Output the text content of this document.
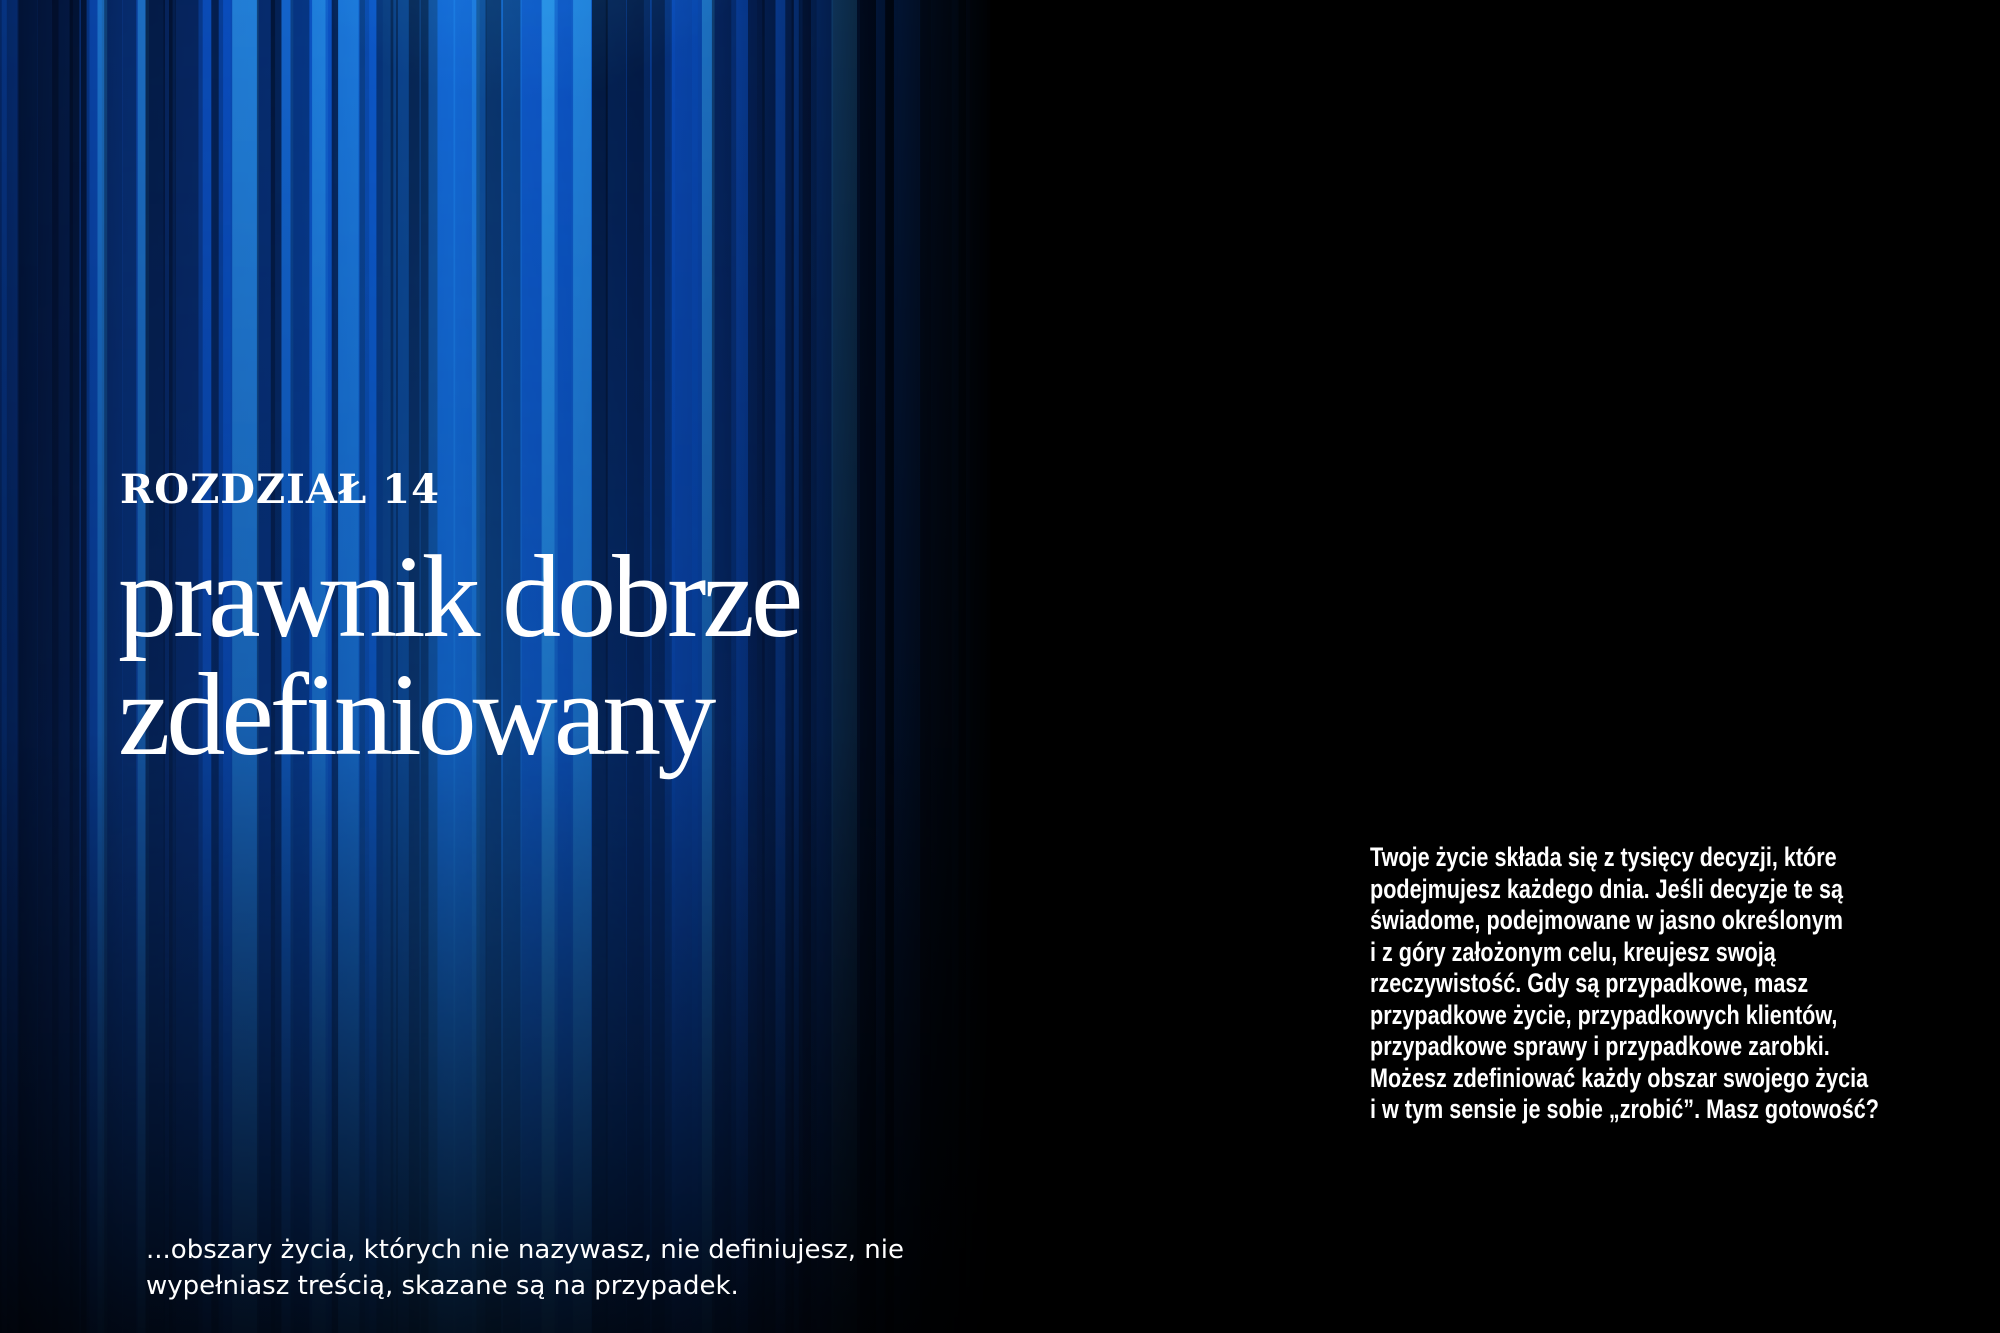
ROZDZIAŁ 14
prawnik dobrze
zdefiniowany

...obszary życia, których nie nazywasz, nie definiujesz, nie
wypełniasz treścią, skazane są na przypadek.

Twoje życie składa się z tysięcy decyzji, które
podejmujesz każdego dnia. Jeśli decyzje te są
świadome, podejmowane w jasno określonym
i z góry założonym celu, kreujesz swoją
rzeczywistość. Gdy są przypadkowe, masz
przypadkowe życie, przypadkowych klientów,
przypadkowe sprawy i przypadkowe zarobki.
Możesz zdefiniować każdy obszar swojego życia
i w tym sensie je sobie „zrobić”. Masz gotowość?
